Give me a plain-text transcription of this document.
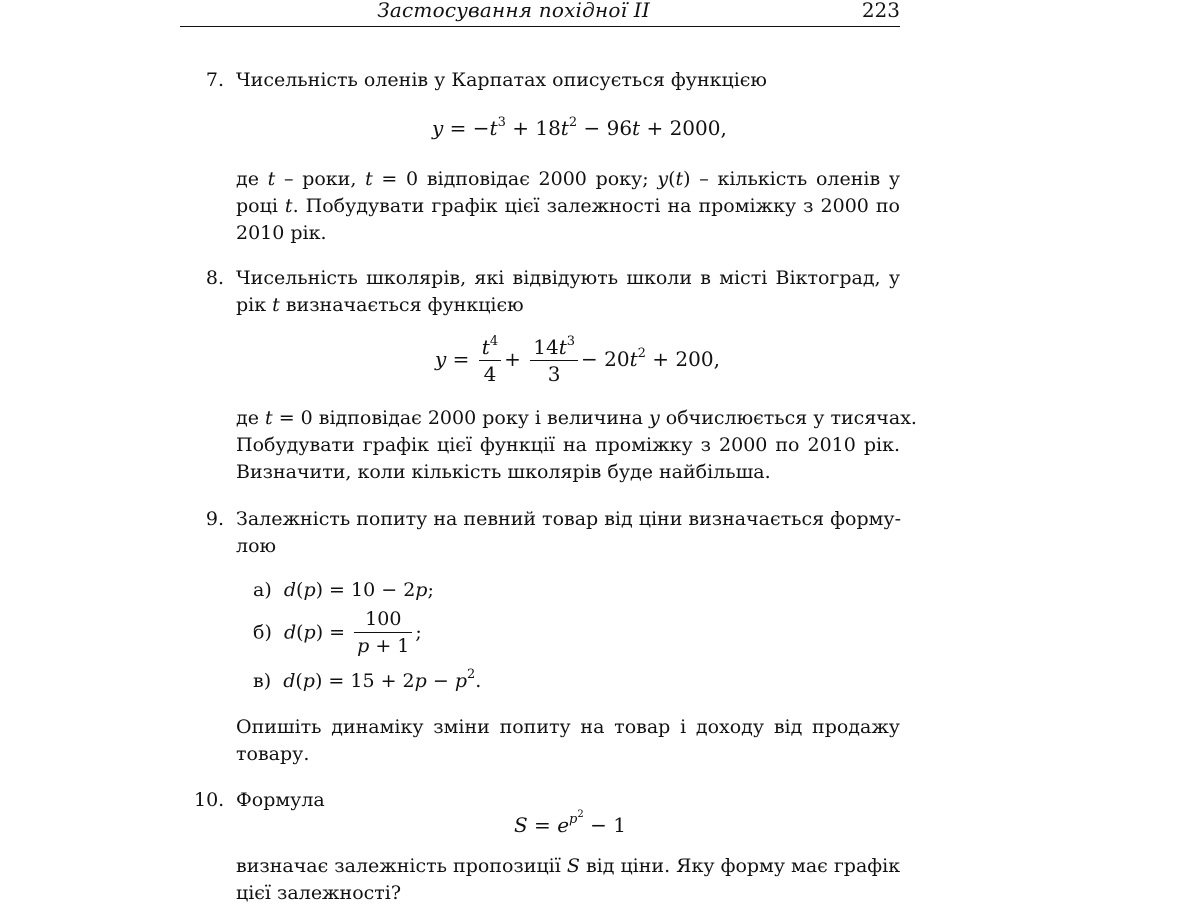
Застосування похідної II	223
7. Чисельність оленів у Карпатах описується функцією
$y = -t^3 + 18t^2 - 96t + 2000$,
де t – роки, t = 0 відповідає 2000 року; y(t) – кількість оленів у
році t. Побудувати графік цієї залежності на проміжку з 2000 по
2010 рік.
8. Чисельність школярів, які відвідують школи в місті Віктоград, у
рік t визначається функцією
$y = \frac{t^4}{4} + \frac{14t^3}{3} - 20t^2 + 200$,
де t = 0 відповідає 2000 року і величина y обчислюється у тисячах.
Побудувати графік цієї функції на проміжку з 2000 по 2010 рік.
Визначити, коли кількість школярів буде найбільша.
9. Залежність попиту на певний товар від ціни визначається форму-
лою
а) d(p) = 10 − 2p;
б) $d(p) = \frac{100}{p + 1}$ ;
в) $d(p) = 15 + 2p - p^2$.
Опишіть динаміку зміни попиту на товар і доходу від продажу
товару.
10. Формула
$S = e^{p^2} - 1$
визначає залежність пропозиції S від ціни. Яку форму має графік
цієї залежності?
